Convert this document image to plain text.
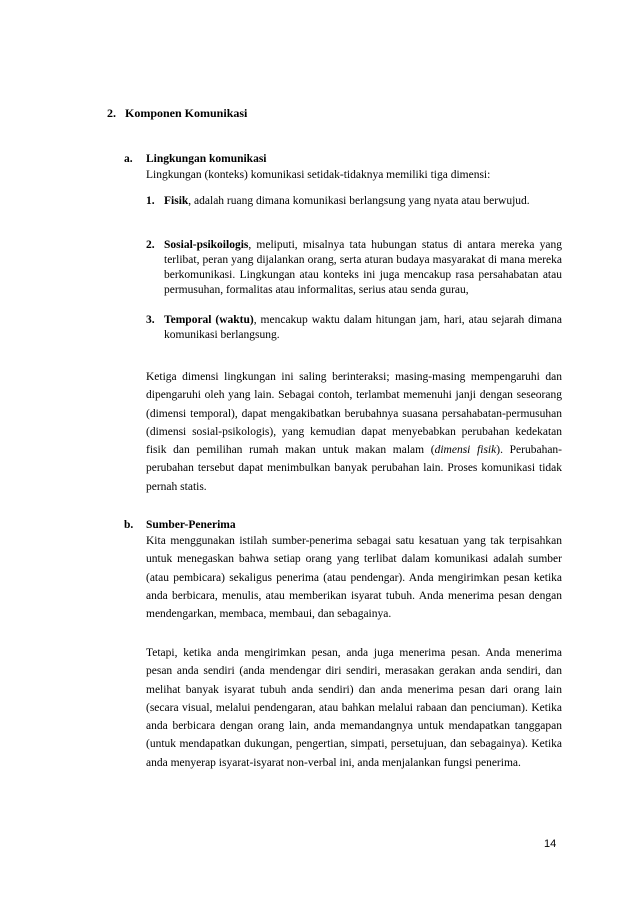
2. Komponen Komunikasi
a. Lingkungan komunikasi
Lingkungan (konteks) komunikasi setidak-tidaknya memiliki tiga dimensi:
1. Fisik, adalah ruang dimana komunikasi berlangsung yang nyata atau berwujud.
2. Sosial-psikoilogis, meliputi, misalnya tata hubungan status di antara mereka yang terlibat, peran yang dijalankan orang, serta aturan budaya masyarakat di mana mereka berkomunikasi. Lingkungan atau konteks ini juga mencakup rasa persahabatan atau permusuhan, formalitas atau informalitas, serius atau senda gurau,
3. Temporal (waktu), mencakup waktu dalam hitungan jam, hari, atau sejarah dimana komunikasi berlangsung.
Ketiga dimensi lingkungan ini saling berinteraksi; masing-masing mempengaruhi dan dipengaruhi oleh yang lain. Sebagai contoh, terlambat memenuhi janji dengan seseorang (dimensi temporal), dapat mengakibatkan berubahnya suasana persahabatan-permusuhan (dimensi sosial-psikologis), yang kemudian dapat menyebabkan perubahan kedekatan fisik dan pemilihan rumah makan untuk makan malam (dimensi fisik). Perubahan-perubahan tersebut dapat menimbulkan banyak perubahan lain. Proses komunikasi tidak pernah statis.
b. Sumber-Penerima
Kita menggunakan istilah sumber-penerima sebagai satu kesatuan yang tak terpisahkan untuk menegaskan bahwa setiap orang yang terlibat dalam komunikasi adalah sumber (atau pembicara) sekaligus penerima (atau pendengar). Anda mengirimkan pesan ketika anda berbicara, menulis, atau memberikan isyarat tubuh. Anda menerima pesan dengan mendengarkan, membaca, membaui, dan sebagainya.
Tetapi, ketika anda mengirimkan pesan, anda juga menerima pesan. Anda menerima pesan anda sendiri (anda mendengar diri sendiri, merasakan gerakan anda sendiri, dan melihat banyak isyarat tubuh anda sendiri) dan anda menerima pesan dari orang lain (secara visual, melalui pendengaran, atau bahkan melalui rabaan dan penciuman). Ketika anda berbicara dengan orang lain, anda memandangnya untuk mendapatkan tanggapan (untuk mendapatkan dukungan, pengertian, simpati, persetujuan, dan sebagainya). Ketika anda menyerap isyarat-isyarat non-verbal ini, anda menjalankan fungsi penerima.
14
